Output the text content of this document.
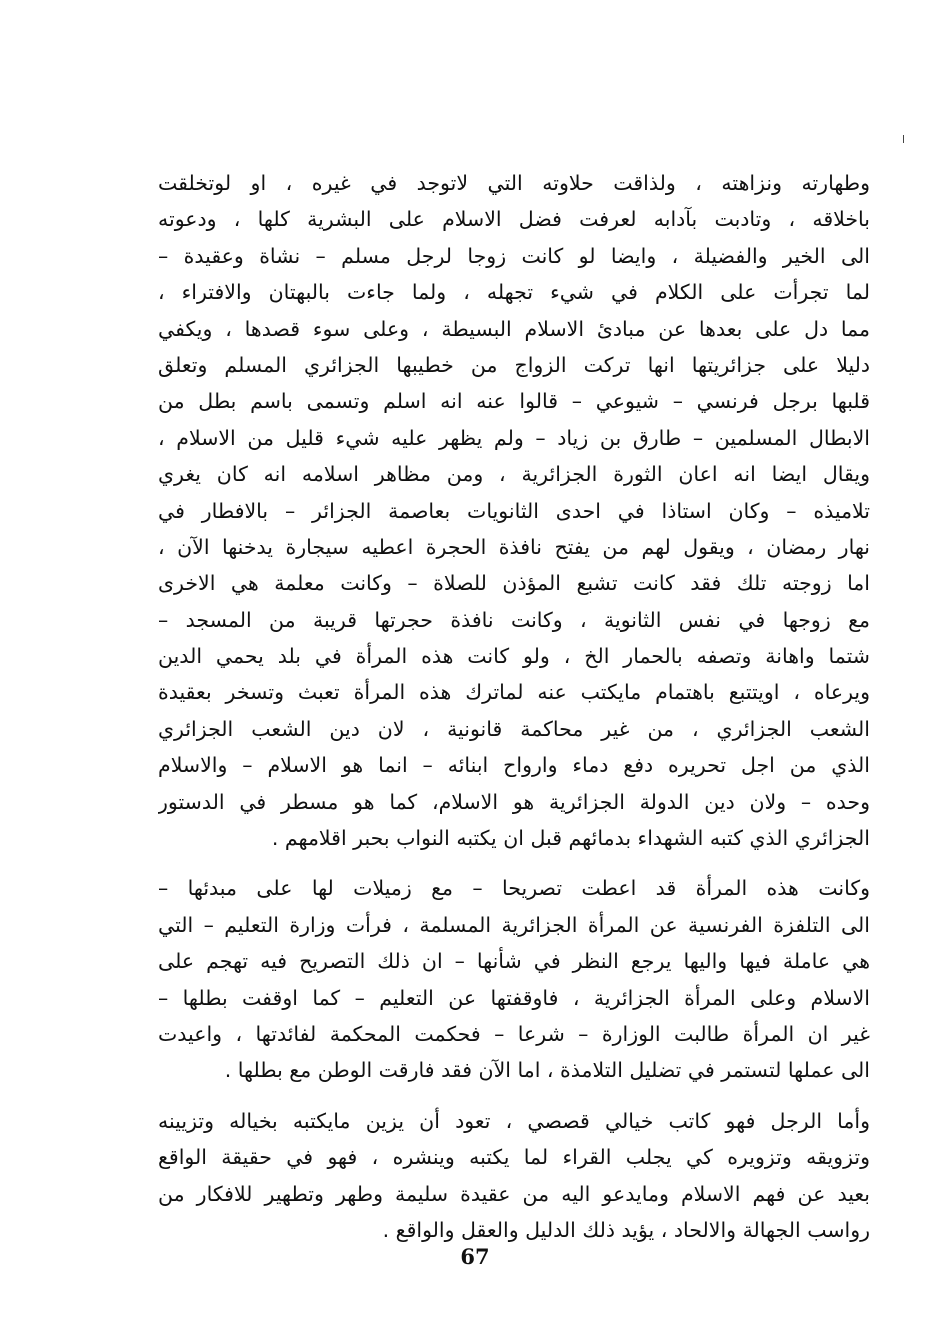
وطهارته ونزاهته ، ولذاقت حلاوته التي لاتوجد في غيره ، او لوتخلقت
باخلاقه ، وتادبت بآدابه لعرفت فضل الاسلام على البشرية كلها ، ودعوته
الى الخير والفضيلة ، وايضا لو كانت زوجا لرجل مسلم – نشاة وعقيدة –
لما تجرأت على الكلام في شيء تجهله ، ولما جاءت بالبهتان والافتراء ،
مما دل على بعدها عن مبادئ الاسلام البسيطة ، وعلى سوء قصدها ، ويكفي
دليلا على جزائريتها انها تركت الزواج من خطيبها الجزائري المسلم وتعلق
قلبها برجل فرنسي – شيوعي – قالوا عنه انه اسلم وتسمى باسم بطل من
الابطال المسلمين – طارق بن زياد – ولم يظهر عليه شيء قليل من الاسلام ،
ويقال ايضا انه اعان الثورة الجزائرية ، ومن مظاهر اسلامه انه كان يغري
تلاميذه – وكان استاذا في احدى الثانويات بعاصمة الجزائر – بالافطار في
نهار رمضان ، ويقول لهم من يفتح نافذة الحجرة اعطيه سيجارة يدخنها الآن ،
اما زوجته تلك فقد كانت تشبع المؤذن للصلاة – وكانت معلمة هي الاخرى
مع زوجها في نفس الثانوية ، وكانت نافذة حجرتها قريبة من المسجد –
شتما واهانة وتصفه بالحمار الخ ، ولو كانت هذه المرأة في بلد يحمي الدين
ويرعاه ، اويتتبع باهتمام مايكتب عنه لماترك هذه المرأة تعبث وتسخر بعقيدة
الشعب الجزائري ، من غير محاكمة قانونية ، لان دين الشعب الجزائري
الذي من اجل تحريره دفع دماء وارواح ابنائه – انما هو الاسلام – والاسلام
وحده – ولان دين الدولة الجزائرية هو الاسلام، كما هو مسطر في الدستور
الجزائري الذي كتبه الشهداء بدمائهم قبل ان يكتبه النواب بحبر اقلامهم .
وكانت هذه المرأة قد اعطت تصريحا – مع زميلات لها على مبدئها –
الى التلفزة الفرنسية عن المرأة الجزائرية المسلمة ، فرأت وزارة التعليم – التي
هي عاملة فيها واليها يرجع النظر في شأنها – ان ذلك التصريح فيه تهجم على
الاسلام وعلى المرأة الجزائرية ، فاوقفتها عن التعليم – كما اوقفت بطلها –
غير ان المرأة طالبت الوزارة – شرعا – فحكمت المحكمة لفائدتها ، واعيدت
الى عملها لتستمر في تضليل التلامذة ، اما الآن فقد فارقت الوطن مع بطلها .
وأما الرجل فهو كاتب خيالي قصصي ، تعود أن يزين مايكتبه بخياله وتزيينه
وتزويقه وتزويره كي يجلب القراء لما يكتبه وينشره ، فهو في حقيقة الواقع
بعيد عن فهم الاسلام ومايدعو اليه من عقيدة سليمة وطهر وتطهير للافكار من
رواسب الجهالة والالحاد ، يؤيد ذلك الدليل والعقل والواقع .
67
